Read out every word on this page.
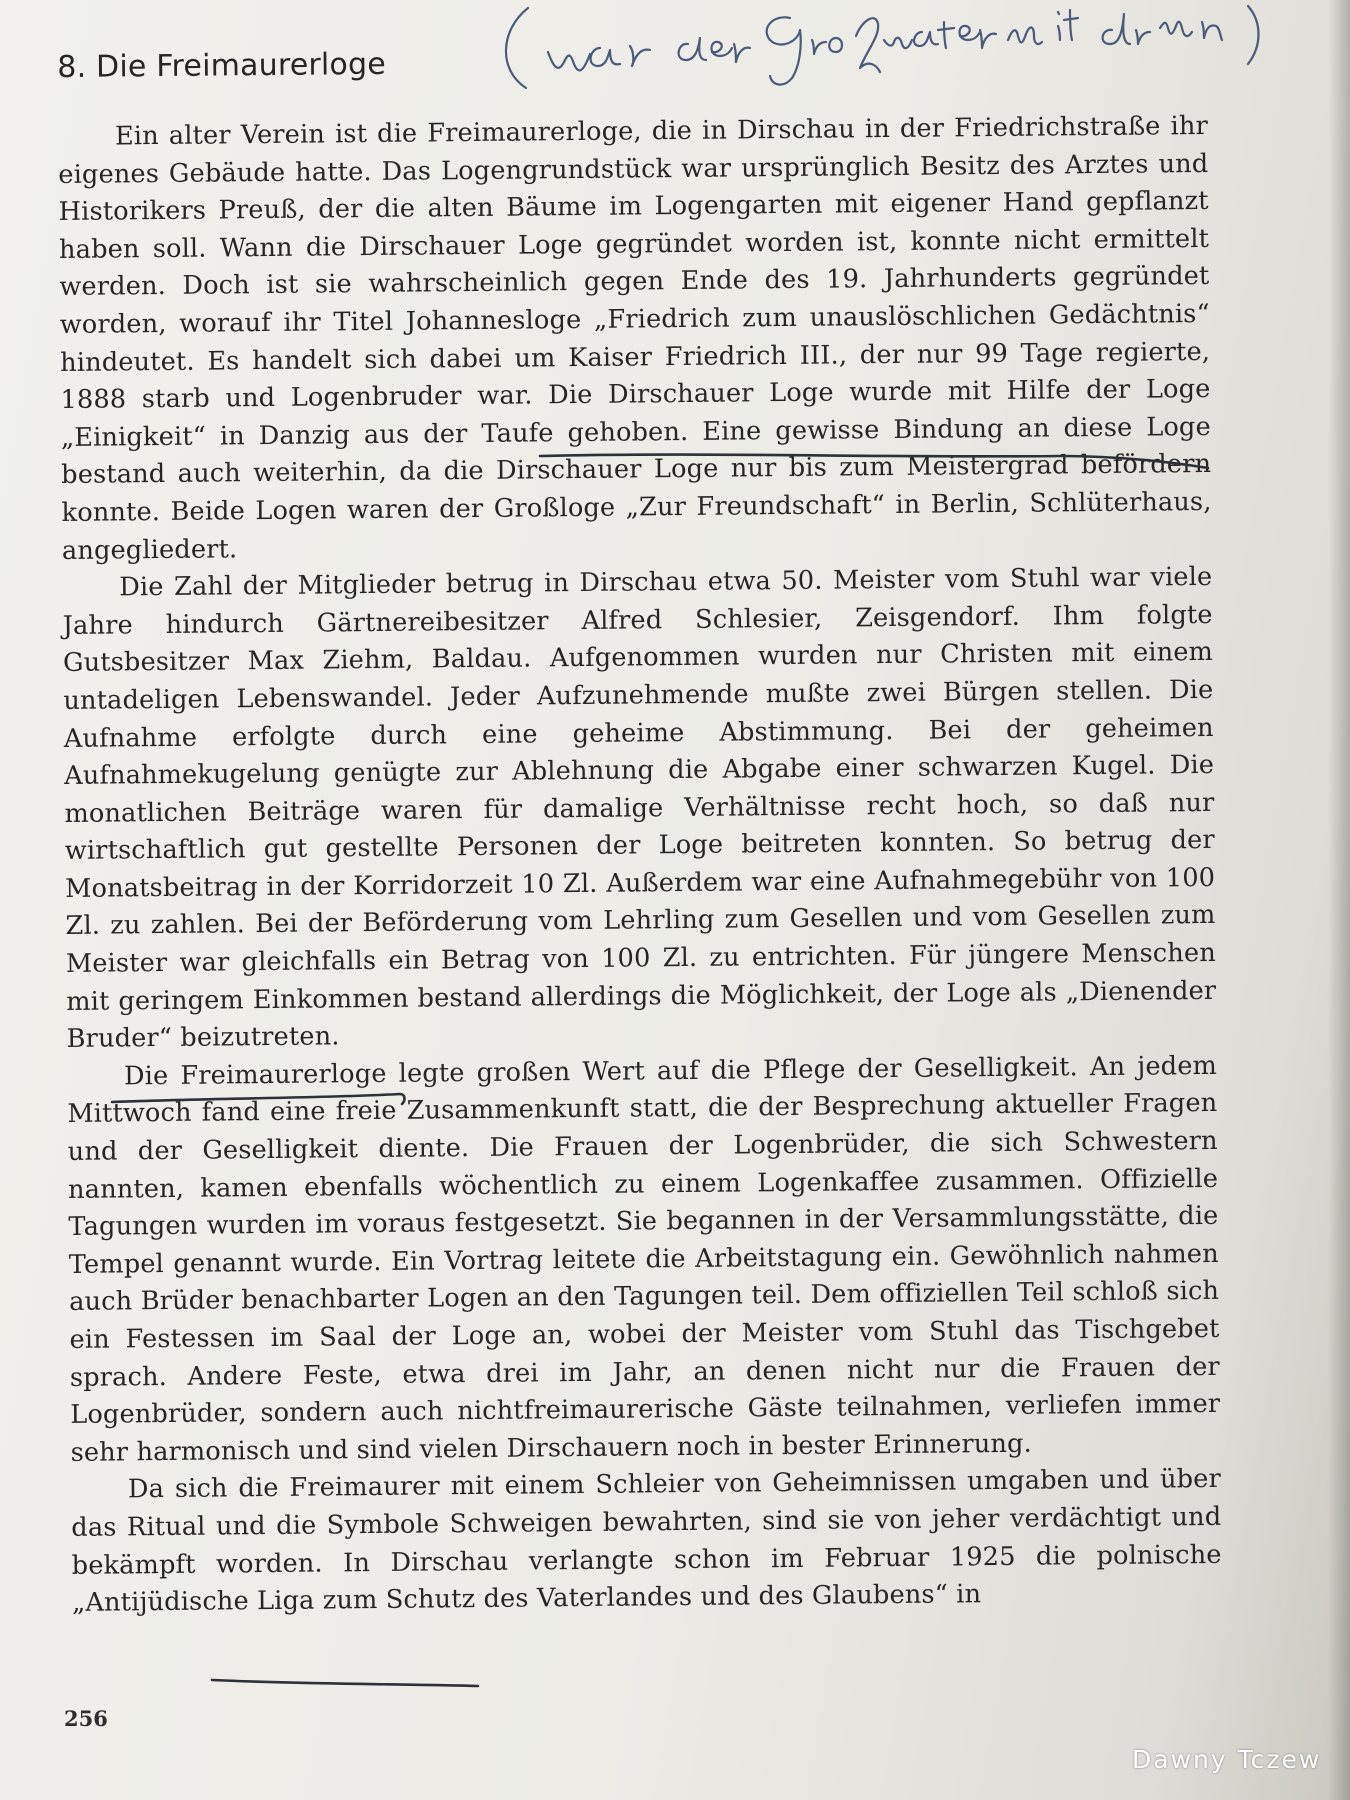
8. Die Freimaurerloge

Ein alter Verein ist die Freimaurerloge, die in Dirschau in der Friedrichstraße ihr eigenes Gebäude hatte. Das Logengrundstück war ursprünglich Besitz des Arztes und Historikers Preuß, der die alten Bäume im Logengarten mit eigener Hand gepflanzt haben soll. Wann die Dirschauer Loge gegründet worden ist, konnte nicht ermittelt werden. Doch ist sie wahrscheinlich gegen Ende des 19. Jahrhunderts gegründet worden, worauf ihr Titel Johannesloge „Friedrich zum unauslöschlichen Gedächtnis“ hindeutet. Es handelt sich dabei um Kaiser Friedrich III., der nur 99 Tage regierte, 1888 starb und Logenbruder war. Die Dirschauer Loge wurde mit Hilfe der Loge „Einigkeit“ in Danzig aus der Taufe gehoben. Eine gewisse Bindung an diese Loge bestand auch weiterhin, da die Dirschauer Loge nur bis zum Meistergrad befördern konnte. Beide Logen waren der Großloge „Zur Freundschaft“ in Berlin, Schlüterhaus, angegliedert.

Die Zahl der Mitglieder betrug in Dirschau etwa 50. Meister vom Stuhl war viele Jahre hindurch Gärtnereibesitzer Alfred Schlesier, Zeisgendorf. Ihm folgte Gutsbesitzer Max Ziehm, Baldau. Aufgenommen wurden nur Christen mit einem untadeligen Lebenswandel. Jeder Aufzunehmende mußte zwei Bürgen stellen. Die Aufnahme erfolgte durch eine geheime Abstimmung. Bei der geheimen Aufnahmekugelung genügte zur Ablehnung die Abgabe einer schwarzen Kugel. Die monatlichen Beiträge waren für damalige Verhältnisse recht hoch, so daß nur wirtschaftlich gut gestellte Personen der Loge beitreten konnten. So betrug der Monatsbeitrag in der Korridorzeit 10 Zl. Außerdem war eine Aufnahmegebühr von 100 Zl. zu zahlen. Bei der Beförderung vom Lehrling zum Gesellen und vom Gesellen zum Meister war gleichfalls ein Betrag von 100 Zl. zu entrichten. Für jüngere Menschen mit geringem Einkommen bestand allerdings die Möglichkeit, der Loge als „Dienender Bruder“ beizutreten.

Die Freimaurerloge legte großen Wert auf die Pflege der Geselligkeit. An jedem Mittwoch fand eine freie Zusammenkunft statt, die der Besprechung aktueller Fragen und der Geselligkeit diente. Die Frauen der Logenbrüder, die sich Schwestern nannten, kamen ebenfalls wöchentlich zu einem Logenkaffee zusammen. Offizielle Tagungen wurden im voraus festgesetzt. Sie begannen in der Versammlungsstätte, die Tempel genannt wurde. Ein Vortrag leitete die Arbeitstagung ein. Gewöhnlich nahmen auch Brüder benachbarter Logen an den Tagungen teil. Dem offiziellen Teil schloß sich ein Festessen im Saal der Loge an, wobei der Meister vom Stuhl das Tischgebet sprach. Andere Feste, etwa drei im Jahr, an denen nicht nur die Frauen der Logenbrüder, sondern auch nichtfreimaurerische Gäste teilnahmen, verliefen immer sehr harmonisch und sind vielen Dirschauern noch in bester Erinnerung.

Da sich die Freimaurer mit einem Schleier von Geheimnissen umgaben und über das Ritual und die Symbole Schweigen bewahrten, sind sie von jeher verdächtigt und bekämpft worden. In Dirschau verlangte schon im Februar 1925 die polnische „Antijüdische Liga zum Schutz des Vaterlandes und des Glaubens“ in

256
Dawny Tczew
